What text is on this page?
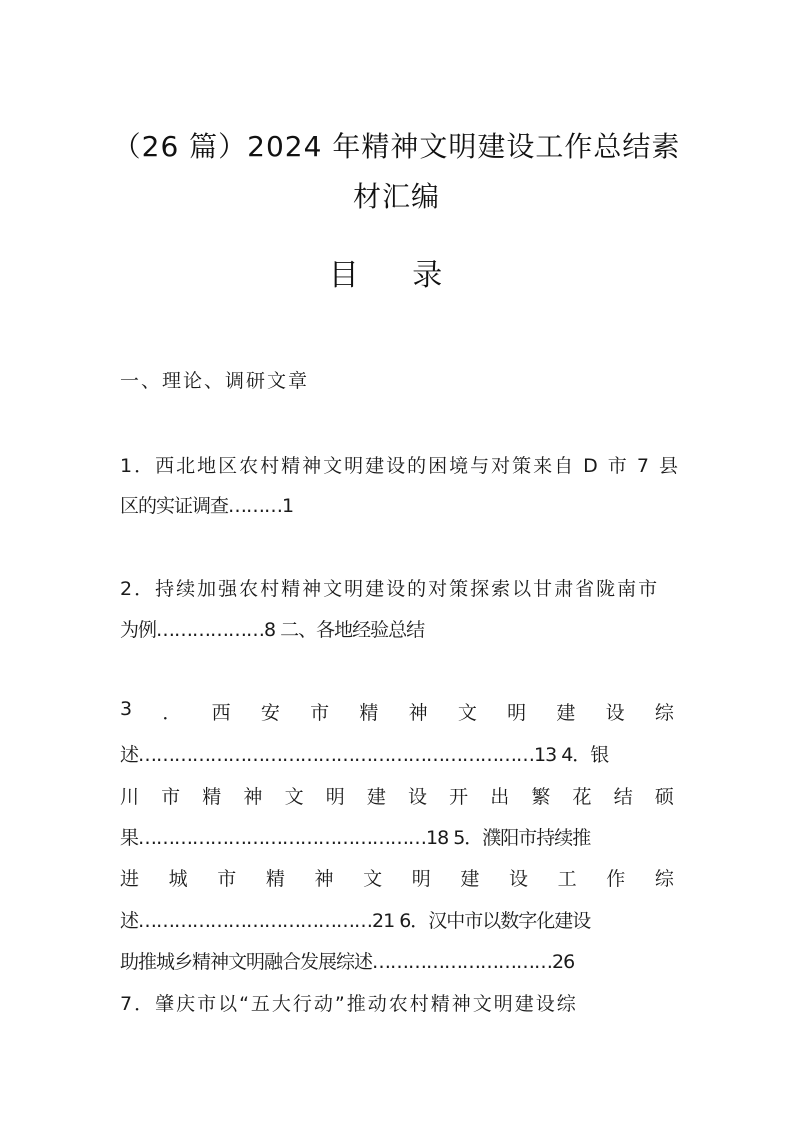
（26 篇）2024 年精神文明建设工作总结素
材汇编
目 录
一、理论、调研文章
1．西北地区农村精神文明建设的困境与对策来自 D 市 7 县
区的实证调查………1
2．持续加强农村精神文明建设的对策探索以甘肃省陇南市
为例………………8 二、各地经验总结
3 ． 西 安 市 精 神 文 明 建 设 综
述…………………………………………………………13 4．银
川 市 精 神 文 明 建 设 开 出 繁 花 结 硕
果…………………………………………18 5．濮阳市持续推
进 城 市 精 神 文 明 建 设 工 作 综
述…………………………………21 6．汉中市以数字化建设
助推城乡精神文明融合发展综述…………………………26
7．肇庆市以“五大行动”推动农村精神文明建设综
